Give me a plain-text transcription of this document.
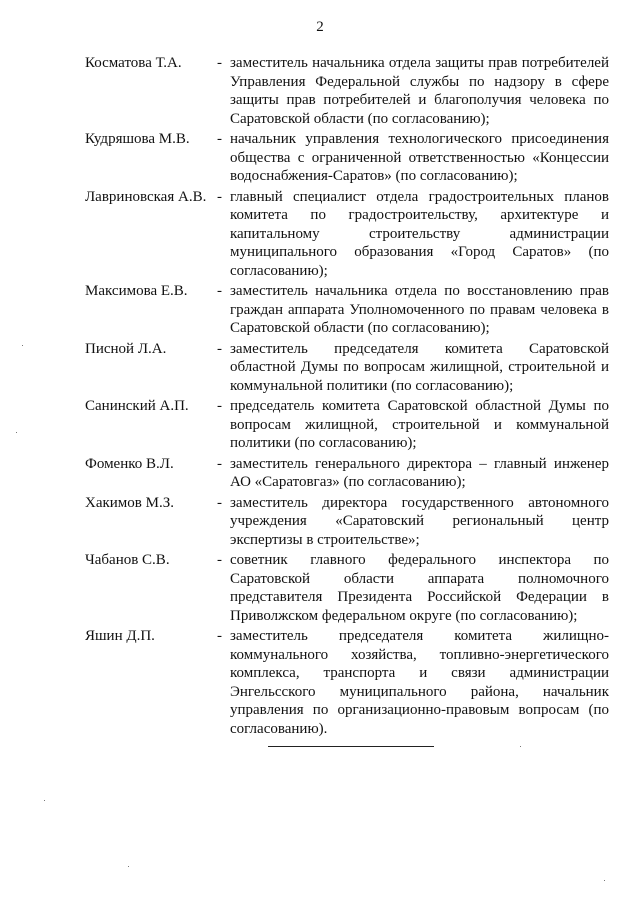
2
Косматова Т.А.	- заместитель начальника отдела защиты прав потребителей Управления Федеральной службы по надзору в сфере защиты прав потребителей и благополучия человека по Саратовской области (по согласованию);
Кудряшова М.В.	- начальник управления технологического присоединения общества с ограниченной ответственностью «Концессии водоснабжения-Саратов» (по согласованию);
Лавриновская А.В. - главный специалист отдела градостроительных планов комитета по градостроительству, архитектуре и капитальному строительству администрации муниципального образования «Город Саратов» (по согласованию);
Максимова Е.В.	- заместитель начальника отдела по восстановлению прав граждан аппарата Уполномоченного по правам человека в Саратовской области (по согласованию);
Писной Л.А.	- заместитель председателя комитета Саратовской областной Думы по вопросам жилищной, строительной и коммунальной политики (по согласованию);
Санинский А.П.	- председатель комитета Саратовской областной Думы по вопросам жилищной, строительной и коммунальной политики (по согласованию);
Фоменко В.Л.	- заместитель генерального директора – главный инженер АО «Саратовгаз» (по согласованию);
Хакимов М.З.	- заместитель директора государственного автономного учреждения «Саратовский региональный центр экспертизы в строительстве»;
Чабанов С.В.	- советник главного федерального инспектора по Саратовской области аппарата полномочного представителя Президента Российской Федерации в Приволжском федеральном округе (по согласованию);
Яшин Д.П.	- заместитель председателя комитета жилищно-коммунального хозяйства, топливно-энергетического комплекса, транспорта и связи администрации Энгельсского муниципального района, начальник управления по организационно-правовым вопросам (по согласованию).
